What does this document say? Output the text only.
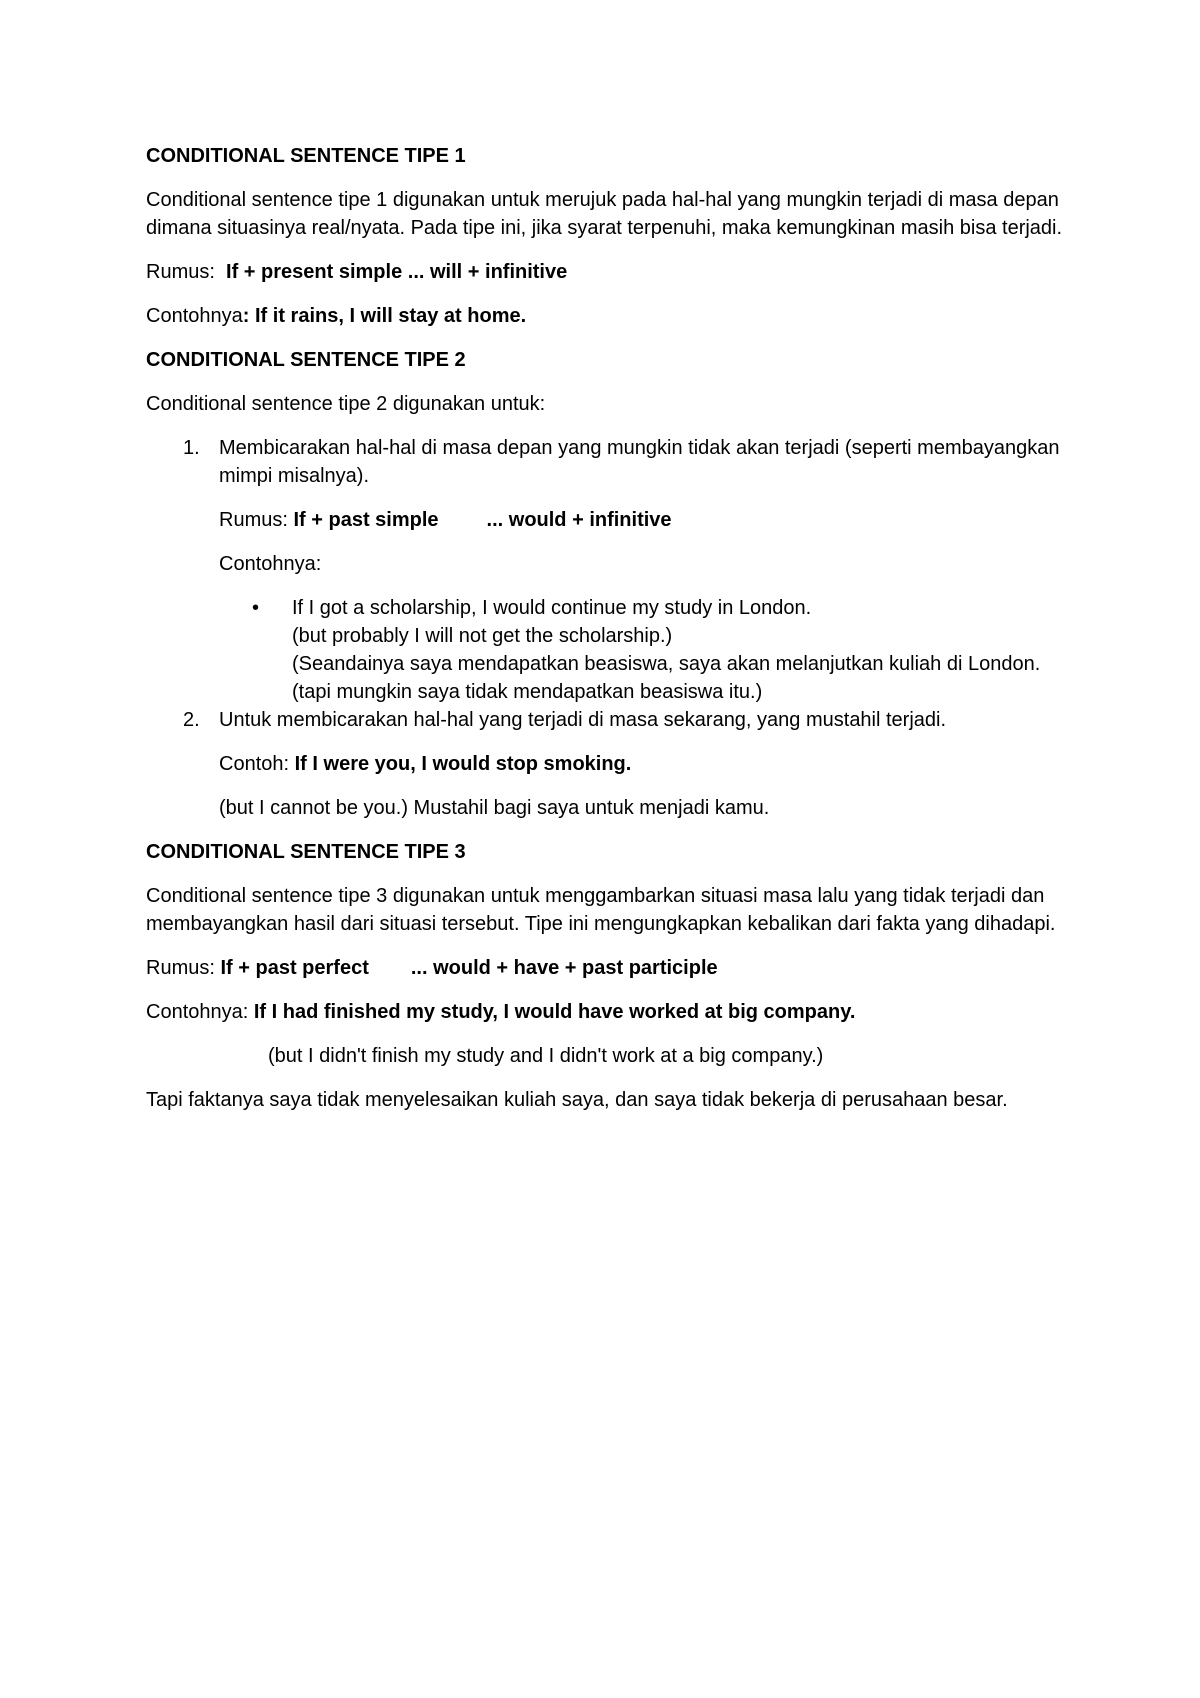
CONDITIONAL SENTENCE TIPE 1

Conditional sentence tipe 1 digunakan untuk merujuk pada hal-hal yang mungkin terjadi di masa depan dimana situasinya real/nyata. Pada tipe ini, jika syarat terpenuhi, maka kemungkinan masih bisa terjadi.

Rumus: If + present simple ... will + infinitive

Contohnya: If it rains, I will stay at home.

CONDITIONAL SENTENCE TIPE 2

Conditional sentence tipe 2 digunakan untuk:

1. Membicarakan hal-hal di masa depan yang mungkin tidak akan terjadi (seperti membayangkan mimpi misalnya).

Rumus: If + past simple ... would + infinitive

Contohnya:

• If I got a scholarship, I would continue my study in London.
(but probably I will not get the scholarship.)
(Seandainya saya mendapatkan beasiswa, saya akan melanjutkan kuliah di London.
(tapi mungkin saya tidak mendapatkan beasiswa itu.)
2. Untuk membicarakan hal-hal yang terjadi di masa sekarang, yang mustahil terjadi.

Contoh: If I were you, I would stop smoking.

(but I cannot be you.) Mustahil bagi saya untuk menjadi kamu.

CONDITIONAL SENTENCE TIPE 3

Conditional sentence tipe 3 digunakan untuk menggambarkan situasi masa lalu yang tidak terjadi dan membayangkan hasil dari situasi tersebut. Tipe ini mengungkapkan kebalikan dari fakta yang dihadapi.

Rumus: If + past perfect ... would + have + past participle

Contohnya: If I had finished my study, I would have worked at big company.

(but I didn't finish my study and I didn't work at a big company.)

Tapi faktanya saya tidak menyelesaikan kuliah saya, dan saya tidak bekerja di perusahaan besar.
